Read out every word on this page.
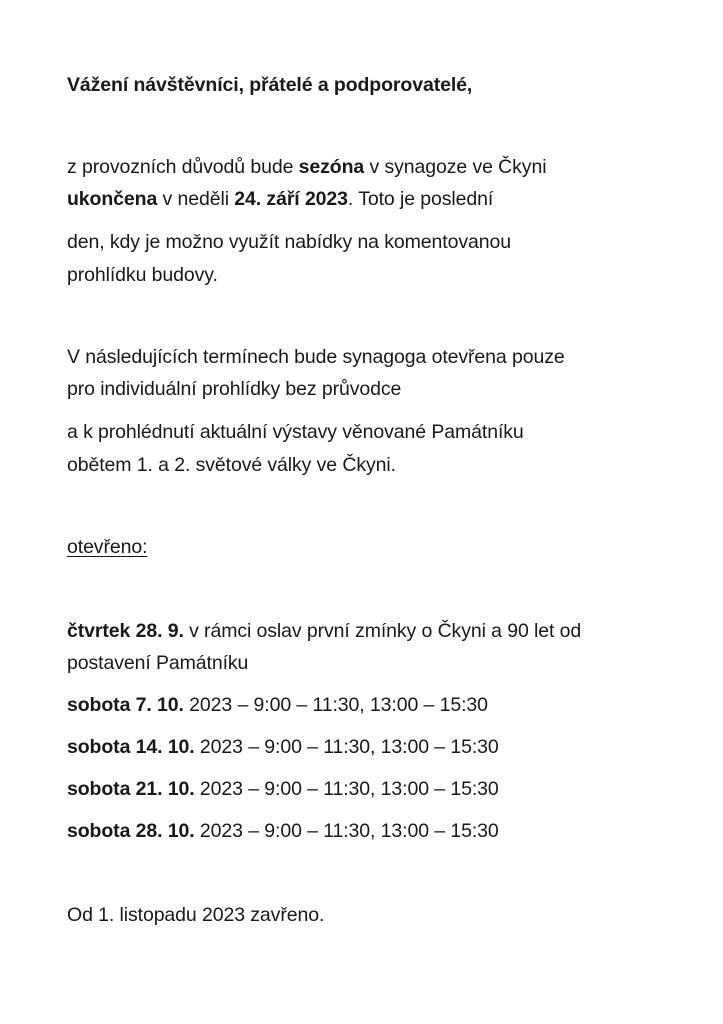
Vážení návštěvníci, přátelé a podporovatelé,
z provozních důvodů bude sezóna v synagoze ve Čkyni
ukončena v neděli 24. září 2023. Toto je poslední
den, kdy je možno využít nabídky na komentovanou
prohlídku budovy.
V následujících termínech bude synagoga otevřena pouze
pro individuální prohlídky bez průvodce
a k prohlédnutí aktuální výstavy věnované Památníku
obětem 1. a 2. světové války ve Čkyni.
otevřeno:
čtvrtek 28. 9. v rámci oslav první zmínky o Čkyni a 90 let od
postavení Památníku
sobota 7. 10. 2023 – 9:00 – 11:30, 13:00 – 15:30
sobota 14. 10. 2023 – 9:00 – 11:30, 13:00 – 15:30
sobota 21. 10. 2023 – 9:00 – 11:30, 13:00 – 15:30
sobota 28. 10. 2023 – 9:00 – 11:30, 13:00 – 15:30
Od 1. listopadu 2023 zavřeno.
